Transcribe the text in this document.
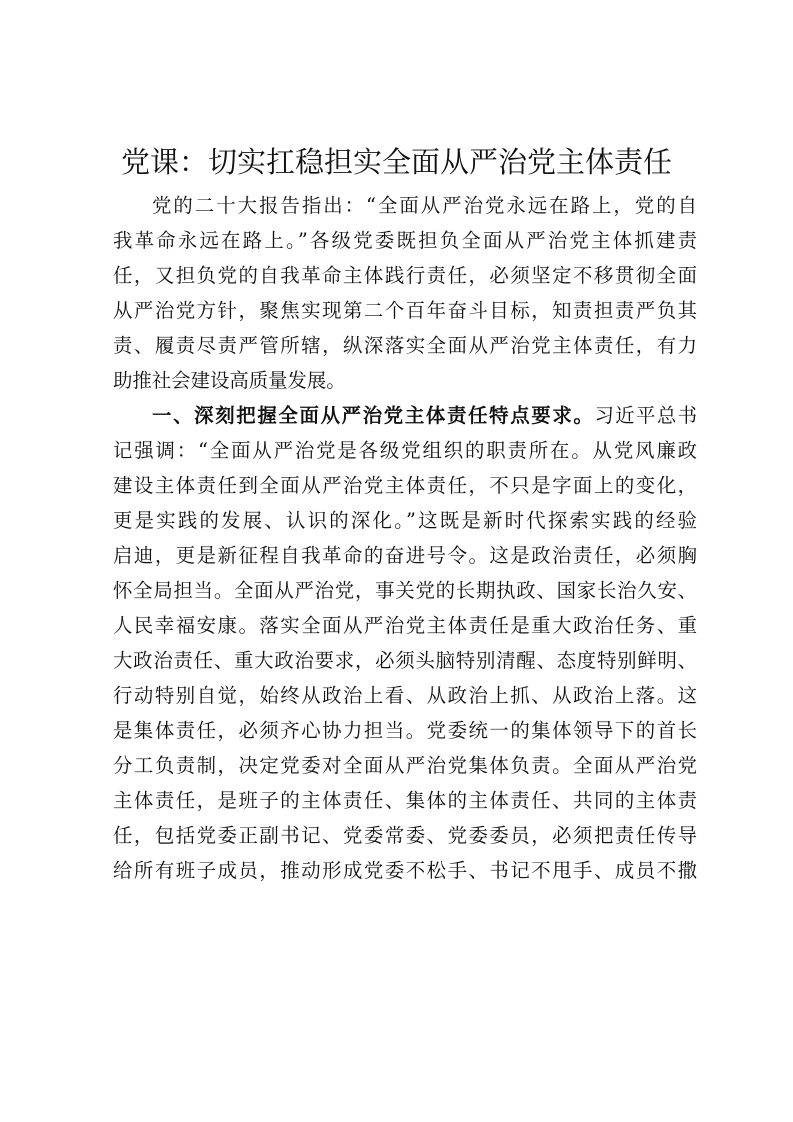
党课：切实扛稳担实全面从严治党主体责任
党的二十大报告指出：“全面从严治党永远在路上，党的自
我革命永远在路上。”各级党委既担负全面从严治党主体抓建责
任，又担负党的自我革命主体践行责任，必须坚定不移贯彻全面
从严治党方针，聚焦实现第二个百年奋斗目标，知责担责严负其
责、履责尽责严管所辖，纵深落实全面从严治党主体责任，有力
助推社会建设高质量发展。
一、深刻把握全面从严治党主体责任特点要求。习近平总书
记强调：“全面从严治党是各级党组织的职责所在。从党风廉政
建设主体责任到全面从严治党主体责任，不只是字面上的变化，
更是实践的发展、认识的深化。”这既是新时代探索实践的经验
启迪，更是新征程自我革命的奋进号令。这是政治责任，必须胸
怀全局担当。全面从严治党，事关党的长期执政、国家长治久安、
人民幸福安康。落实全面从严治党主体责任是重大政治任务、重
大政治责任、重大政治要求，必须头脑特别清醒、态度特别鲜明、
行动特别自觉，始终从政治上看、从政治上抓、从政治上落。这
是集体责任，必须齐心协力担当。党委统一的集体领导下的首长
分工负责制，决定党委对全面从严治党集体负责。全面从严治党
主体责任，是班子的主体责任、集体的主体责任、共同的主体责
任，包括党委正副书记、党委常委、党委委员，必须把责任传导
给所有班子成员，推动形成党委不松手、书记不甩手、成员不撒
